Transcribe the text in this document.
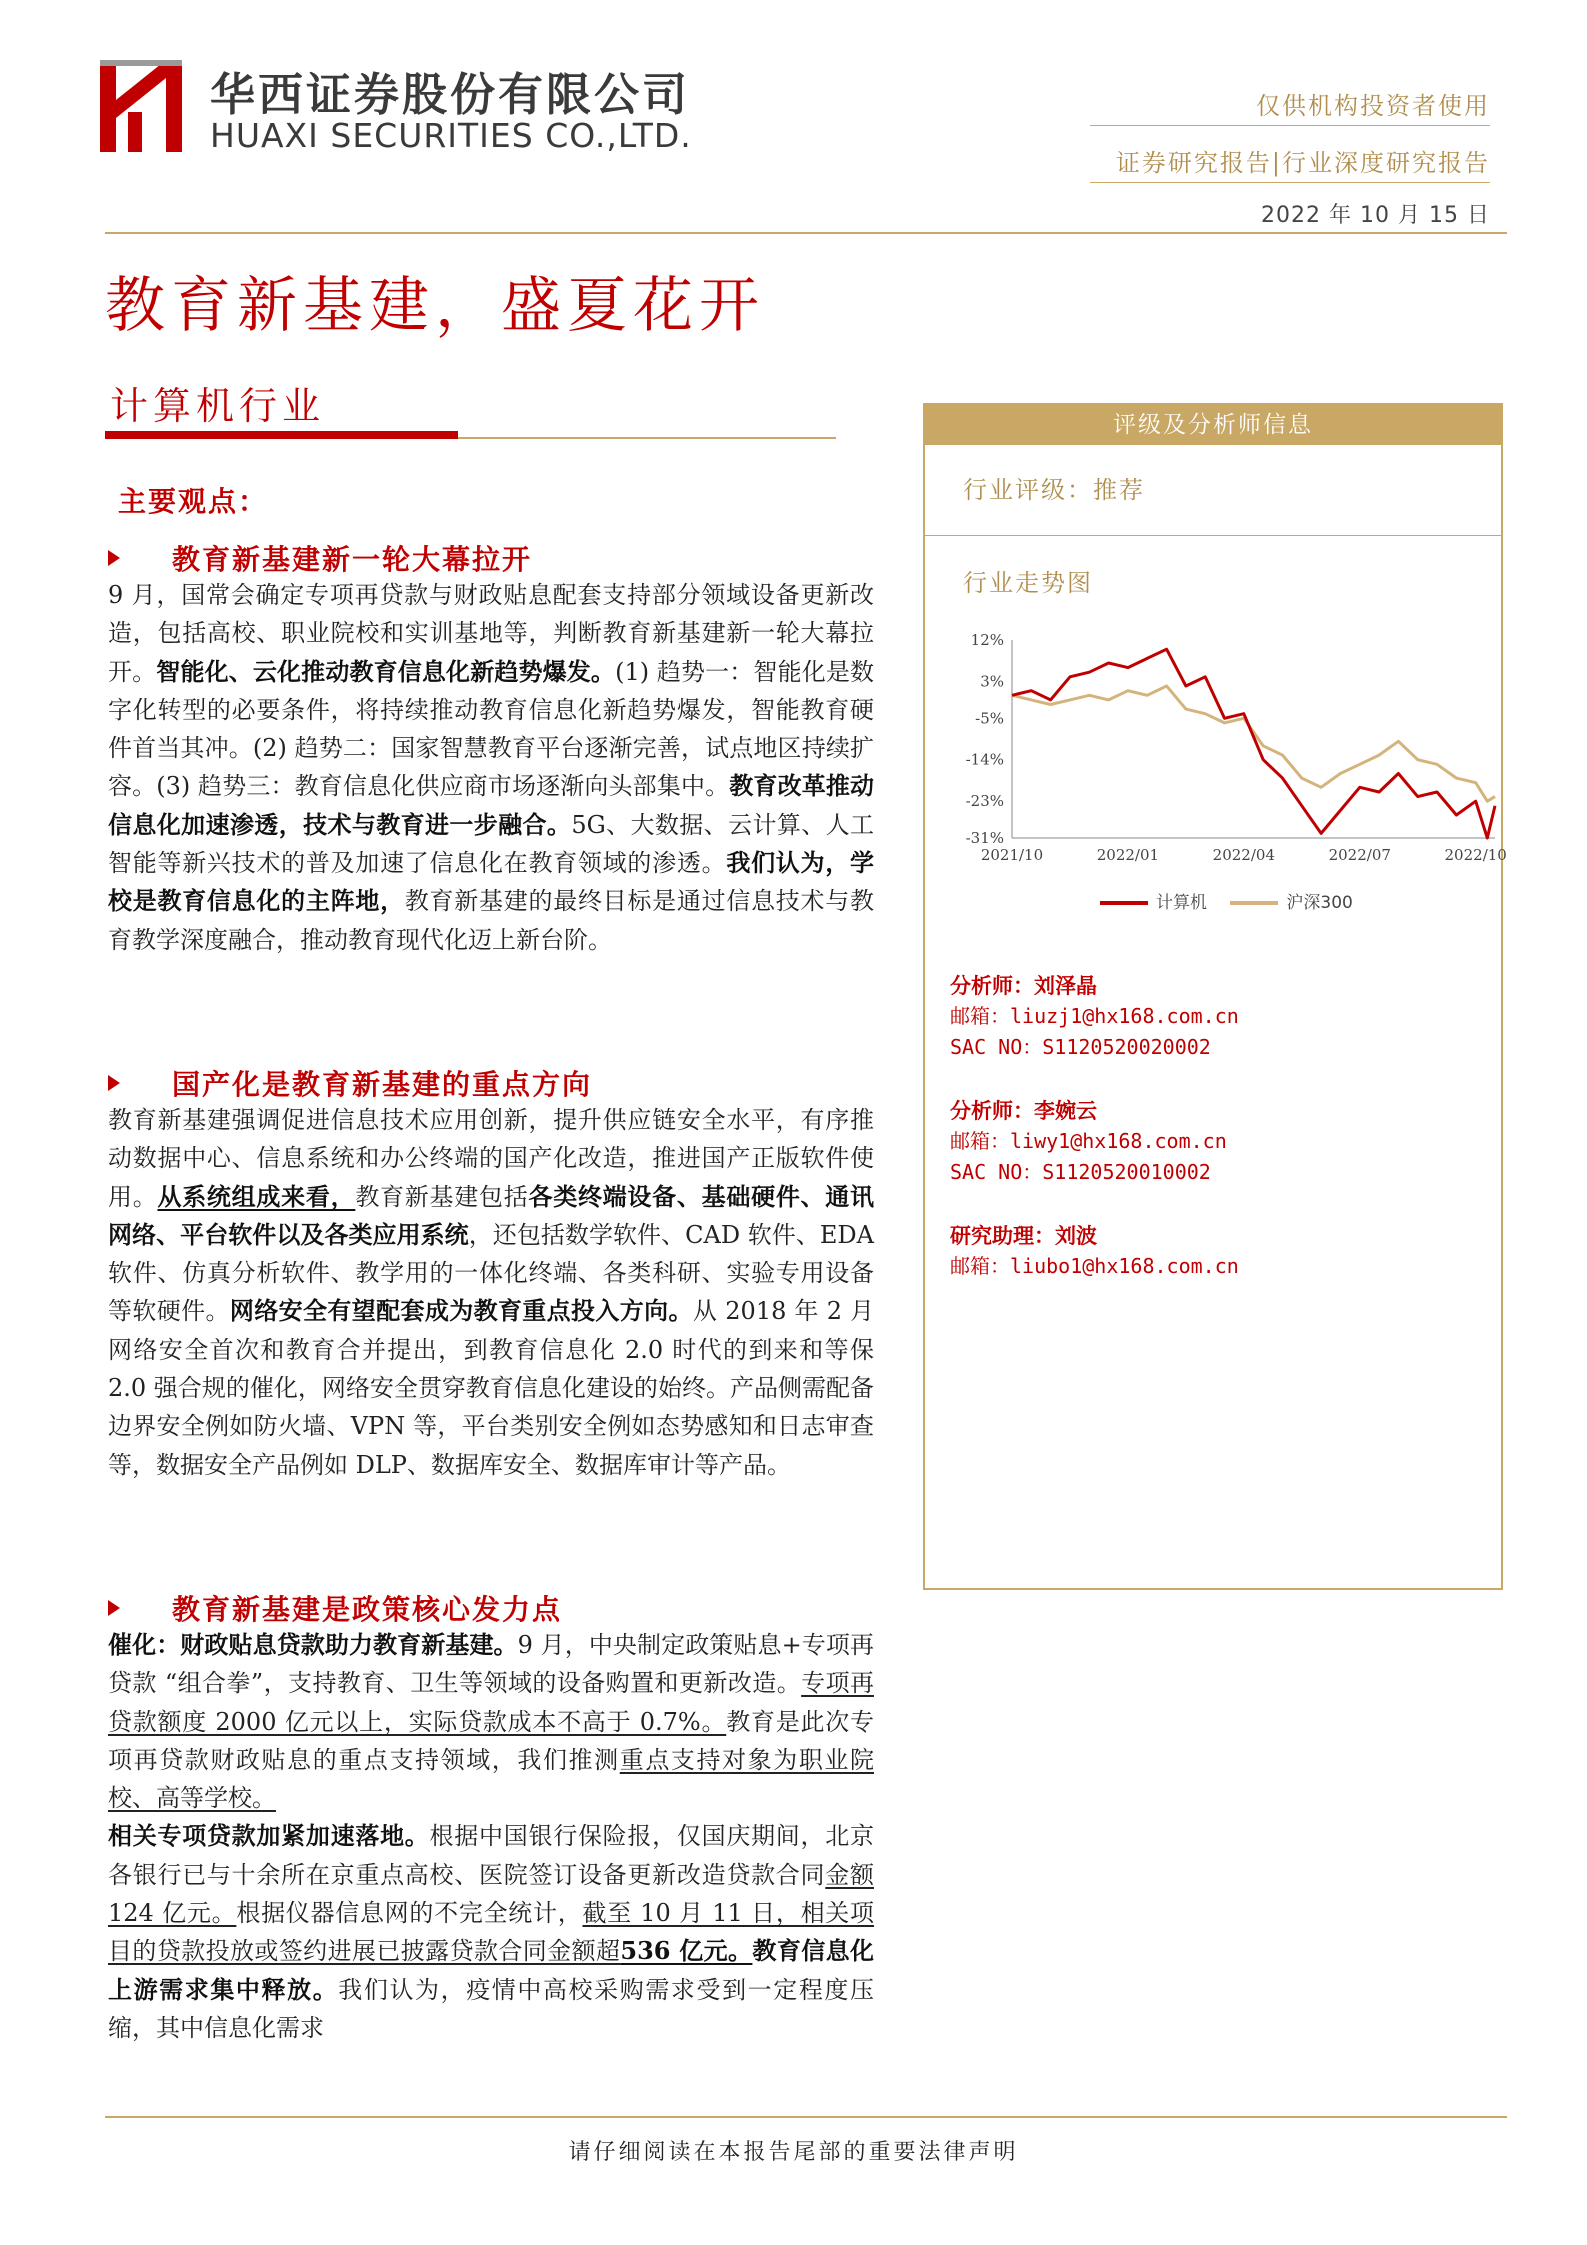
华西证券股份有限公司
HUAXI SECURITIES CO.,LTD.
仅供机构投资者使用
证券研究报告|行业深度研究报告
2022 年 10 月 15 日
教育新基建，盛夏花开
计算机行业
主要观点：
教育新基建新一轮大幕拉开
9 月，国常会确定专项再贷款与财政贴息配套支持部分领域设备更新改造，包括高校、职业院校和实训基地等，判断教育新基建新一轮大幕拉开。智能化、云化推动教育信息化新趋势爆发。(1) 趋势一：智能化是数字化转型的必要条件，将持续推动教育信息化新趋势爆发，智能教育硬件首当其冲。(2) 趋势二：国家智慧教育平台逐渐完善，试点地区持续扩容。(3) 趋势三：教育信息化供应商市场逐渐向头部集中。教育改革推动信息化加速渗透，技术与教育进一步融合。5G、大数据、云计算、人工智能等新兴技术的普及加速了信息化在教育领域的渗透。我们认为，学校是教育信息化的主阵地，教育新基建的最终目标是通过信息技术与教育教学深度融合，推动教育现代化迈上新台阶。
国产化是教育新基建的重点方向
教育新基建强调促进信息技术应用创新，提升供应链安全水平，有序推动数据中心、信息系统和办公终端的国产化改造，推进国产正版软件使用。从系统组成来看，教育新基建包括各类终端设备、基础硬件、通讯网络、平台软件以及各类应用系统，还包括数学软件、CAD 软件、EDA 软件、仿真分析软件、教学用的一体化终端、各类科研、实验专用设备等软硬件。网络安全有望配套成为教育重点投入方向。从 2018 年 2 月网络安全首次和教育合并提出，到教育信息化 2.0 时代的到来和等保 2.0 强合规的催化，网络安全贯穿教育信息化建设的始终。产品侧需配备边界安全例如防火墙、VPN 等，平台类别安全例如态势感知和日志审查等，数据安全产品例如 DLP、数据库安全、数据库审计等产品。
教育新基建是政策核心发力点
催化：财政贴息贷款助力教育新基建。9 月，中央制定政策贴息+专项再贷款 “组合拳”，支持教育、卫生等领域的设备购置和更新改造。专项再贷款额度 2000 亿元以上，实际贷款成本不高于 0.7%。教育是此次专项再贷款财政贴息的重点支持领域，我们推测重点支持对象为职业院校、高等学校。
相关专项贷款加紧加速落地。根据中国银行保险报，仅国庆期间，北京各银行已与十余所在京重点高校、医院签订设备更新改造贷款合同金额 124 亿元。根据仪器信息网的不完全统计，截至 10 月 11 日，相关项目的贷款投放或签约进展已披露贷款合同金额超536 亿元。教育信息化上游需求集中释放。我们认为，疫情中高校采购需求受到一定程度压缩，其中信息化需求
评级及分析师信息
行业评级：推荐
行业走势图
12%
3%
-5%
-14%
-23%
-31%
2021/10	2022/01	2022/04	2022/07	2022/10
计算机	沪深300
分析师：刘泽晶
邮箱：liuzj1@hx168.com.cn
SAC NO：S1120520020002
分析师：李婉云
邮箱：liwy1@hx168.com.cn
SAC NO：S1120520010002
研究助理：刘波
邮箱：liubo1@hx168.com.cn
请仔细阅读在本报告尾部的重要法律声明
